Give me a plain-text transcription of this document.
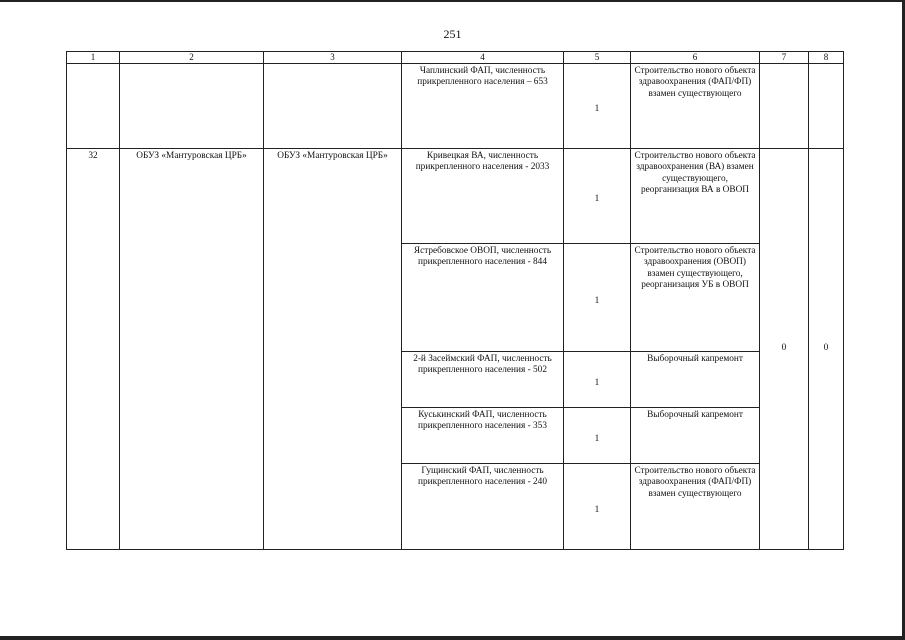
251
1	2	3	4	5	6	7	8
			Чаплинский ФАП, численность прикрепленного населения – 653	1	Строительство нового объекта здравоохранения (ФАП/ФП) взамен существующего		
32	ОБУЗ «Мантуровская ЦРБ»	ОБУЗ «Мантуровская ЦРБ»	Кривецкая ВА, численность прикрепленного населения - 2033	1	Строительство нового объекта здравоохранения (ВА) взамен существующего, реорганизация ВА в ОВОП	0	0
			Ястребовское ОВОП, численность прикрепленного населения - 844	1	Строительство нового объекта здравоохранения (ОВОП) взамен существующего, реорганизация УБ в ОВОП		
			2-й Засеймский ФАП, численность прикрепленного населения - 502	1	Выборочный капремонт		
			Куськинский ФАП, численность прикрепленного населения - 353	1	Выборочный капремонт		
			Гущинский ФАП, численность прикрепленного населения - 240	1	Строительство нового объекта здравоохранения (ФАП/ФП) взамен существующего		
